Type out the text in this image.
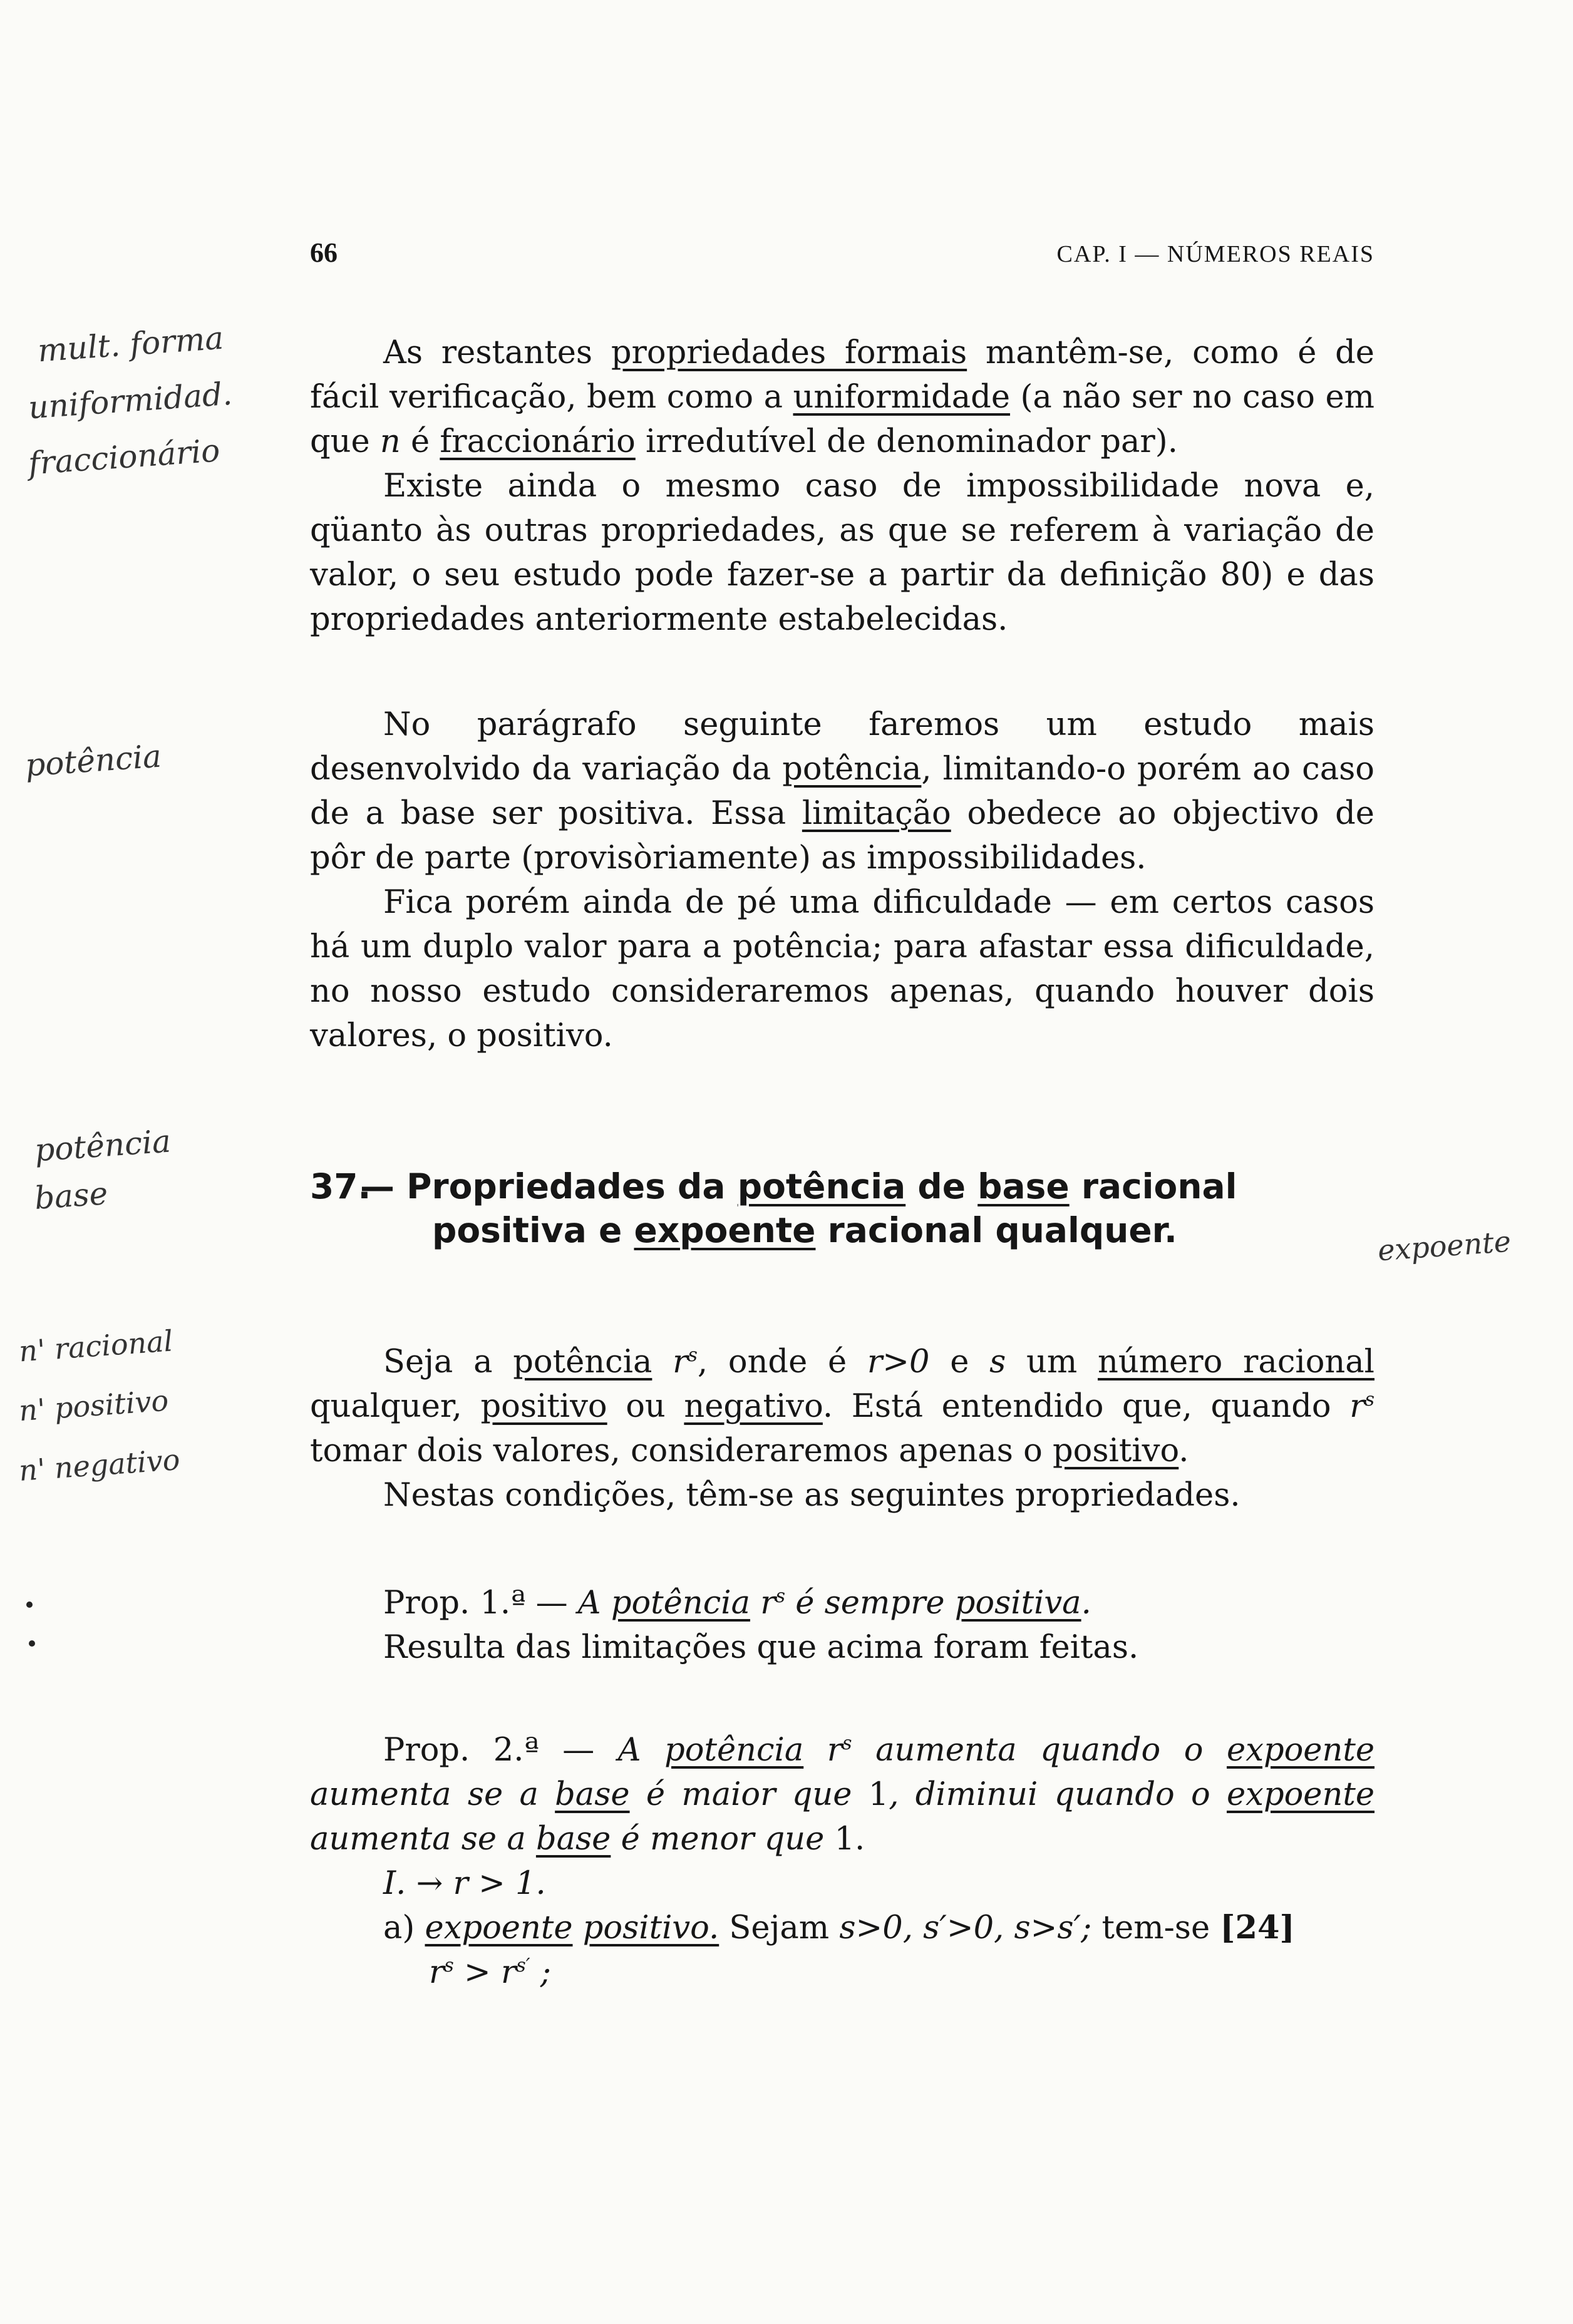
66	CAP. I — NÚMEROS REAIS
mult. forma
uniformidad.
fraccionário
potência
potência
base
expoente
n' racional
n' positivo
n' negativo

As restantes propriedades formais mantêm-se, como é de fácil verificação, bem como a uniformidade (a não ser no caso em que n é fraccionário irredutível de denominador par).

Existe ainda o mesmo caso de impossibilidade nova e, qüanto às outras propriedades, as que se referem à variação de valor, o seu estudo pode fazer-se a partir da definição 80) e das propriedades anteriormente estabelecidas.

No parágrafo seguinte faremos um estudo mais desenvolvido da variação da potência, limitando-o porém ao caso de a base ser positiva. Essa limitação obedece ao objectivo de pôr de parte (provisòriamente) as impossibilidades.

Fica porém ainda de pé uma dificuldade — em certos casos há um duplo valor para a potência; para afastar essa dificuldade, no nosso estudo consideraremos apenas, quando houver dois valores, o positivo.

37.— Propriedades da potência de base racional
positiva e expoente racional qualquer.

Seja a potência $r^s$, onde é r>0 e s um número racional qualquer, positivo ou negativo. Está entendido que, quando $r^s$ tomar dois valores, consideraremos apenas o positivo.

Nestas condições, têm-se as seguintes propriedades.

Prop. 1.ª — A potência $r^s$ é sempre positiva.

Resulta das limitações que acima foram feitas.

Prop. 2.ª — A potência $r^s$ aumenta quando o expoente aumenta se a base é maior que 1, diminui quando o expoente aumenta se a base é menor que 1.

I. → r > 1.

a) expoente positivo. Sejam s>0, s′>0, s>s′; tem-se [24]

$r^s > r^{s'}$ ;
